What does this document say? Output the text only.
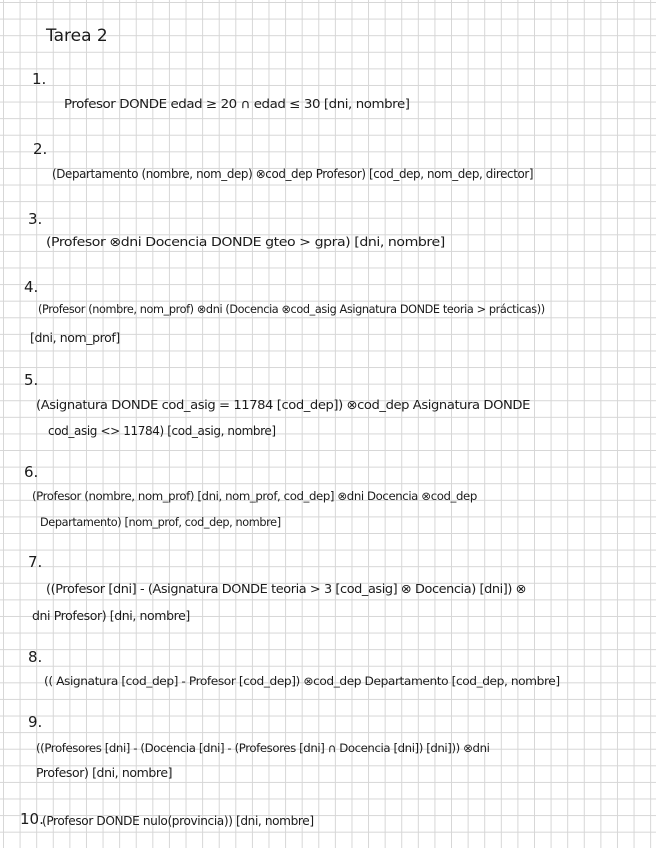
Tarea 2
1.
Profesor DONDE edad ≥ 20 ∩ edad ≤ 30 [dni, nombre]
2.
(Departamento (nombre, nom_dep) ⊗cod_dep Profesor) [cod_dep, nom_dep, director]
3.
(Profesor ⊗dni Docencia DONDE gteo > gpra) [dni, nombre]
4.
(Profesor (nombre, nom_prof) ⊗dni (Docencia ⊗cod_asig Asignatura DONDE teoria > prácticas))
[dni, nom_prof]
5.
(Asignatura DONDE cod_asig = 11784 [cod_dep]) ⊗cod_dep Asignatura DONDE
cod_asig <> 11784) [cod_asig, nombre]
6.
(Profesor (nombre, nom_prof) [dni, nom_prof, cod_dep] ⊗dni Docencia ⊗cod_dep
Departamento) [nom_prof, cod_dep, nombre]
7.
((Profesor [dni] - (Asignatura DONDE teoria > 3 [cod_asig] ⊗ Docencia) [dni]) ⊗
dni Profesor) [dni, nombre]
8.
(( Asignatura [cod_dep] - Profesor [cod_dep]) ⊗cod_dep Departamento [cod_dep, nombre]
9.
((Profesores [dni] - (Docencia [dni] - (Profesores [dni] ∩ Docencia [dni]) [dni])) ⊗dni
Profesor) [dni, nombre]
10.
(Profesor DONDE nulo(provincia)) [dni, nombre]
